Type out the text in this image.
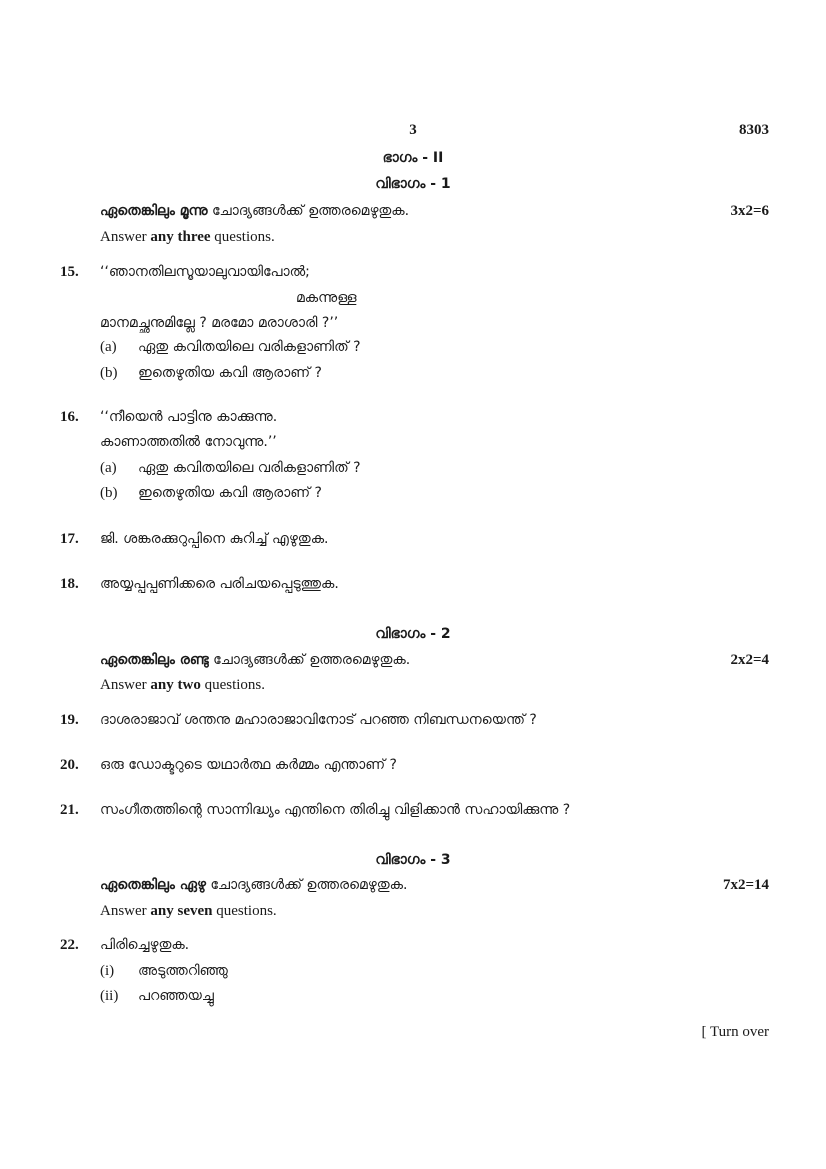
3	8303
ഭാഗം - II
വിഭാഗം - 1
ഏതെങ്കിലും മൂന്നു ചോദ്യങ്ങൾക്ക് ഉത്തരമെഴുതുക.	3x2=6
Answer any three questions.
15.	‘‘ഞാനതിലസൂയാലുവായിപോൽ;
മകന്നുള്ള
മാനമച്ഛനുമില്ലേ ? മരമോ മരാശാരി ?’’
(a)	ഏതു കവിതയിലെ വരികളാണിത് ?
(b)	ഇതെഴുതിയ കവി ആരാണ് ?
16.	‘‘നീയെൻ പാട്ടിനു കാക്കുന്നു.
കാണാത്തതിൽ നോവുന്നു.’’
(a)	ഏതു കവിതയിലെ വരികളാണിത് ?
(b)	ഇതെഴുതിയ കവി ആരാണ് ?
17.	ജി. ശങ്കരക്കുറുപ്പിനെ കുറിച്ച് എഴുതുക.
18.	അയ്യപ്പപ്പണിക്കരെ പരിചയപ്പെടുത്തുക.
വിഭാഗം - 2
ഏതെങ്കിലും രണ്ടു ചോദ്യങ്ങൾക്ക് ഉത്തരമെഴുതുക.	2x2=4
Answer any two questions.
19.	ദാശരാജാവ് ശന്തനു മഹാരാജാവിനോട് പറഞ്ഞ നിബന്ധനയെന്ത് ?
20.	ഒരു ഡോക്ടറുടെ യഥാർത്ഥ കർമ്മം എന്താണ് ?
21.	സംഗീതത്തിന്റെ സാന്നിദ്ധ്യം എന്തിനെ തിരിച്ചു വിളിക്കാൻ സഹായിക്കുന്നു ?
വിഭാഗം - 3
ഏതെങ്കിലും ഏഴു ചോദ്യങ്ങൾക്ക് ഉത്തരമെഴുതുക.	7x2=14
Answer any seven questions.
22.	പിരിച്ചെഴുതുക.
(i)	അടുത്തറിഞ്ഞു
(ii)	പറഞ്ഞയച്ചു
[ Turn over
